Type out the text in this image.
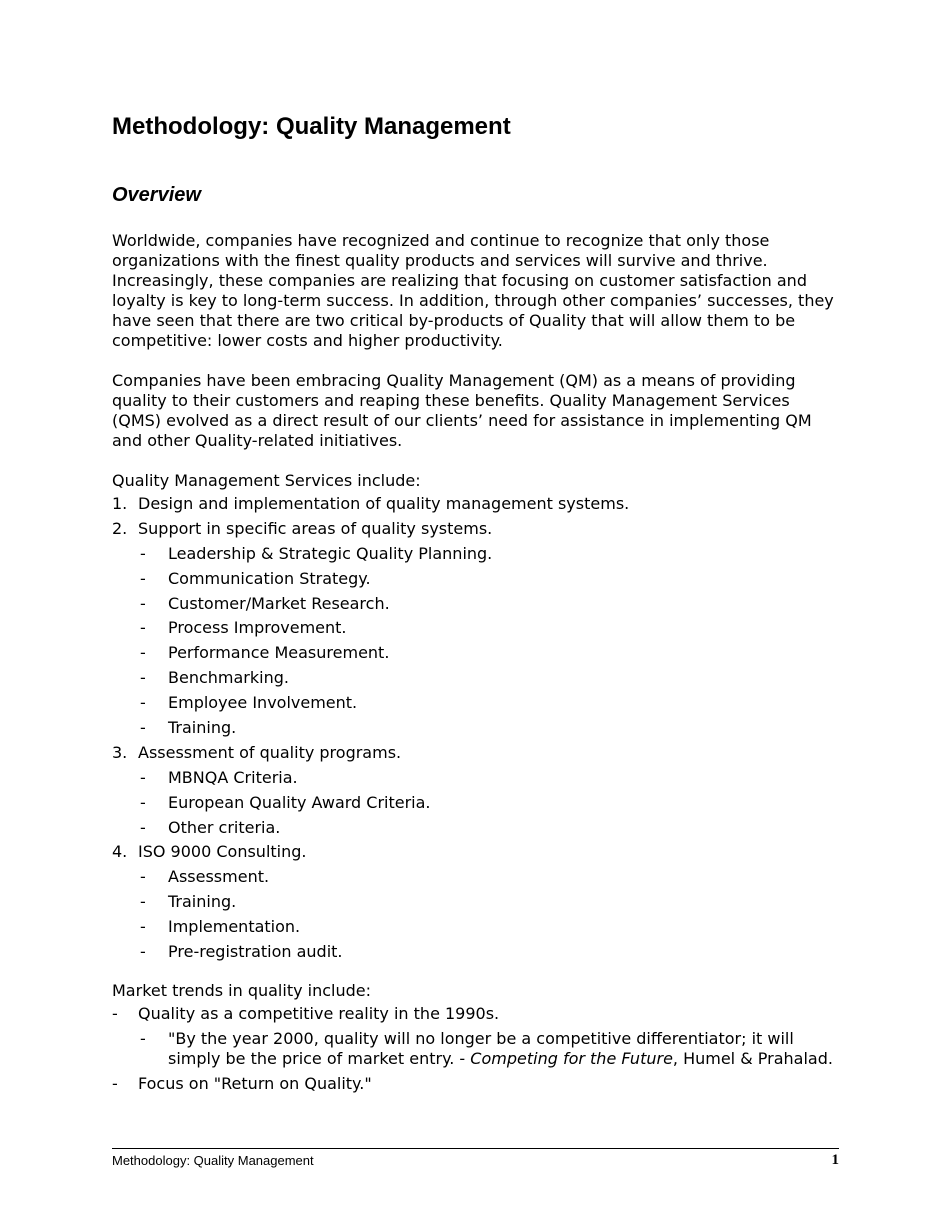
Methodology: Quality Management
Overview

Worldwide, companies have recognized and continue to recognize that only those organizations with the finest quality products and services will survive and thrive. Increasingly, these companies are realizing that focusing on customer satisfaction and loyalty is key to long-term success. In addition, through other companies’ successes, they have seen that there are two critical by-products of Quality that will allow them to be competitive: lower costs and higher productivity.

Companies have been embracing Quality Management (QM) as a means of providing quality to their customers and reaping these benefits. Quality Management Services (QMS) evolved as a direct result of our clients’ need for assistance in implementing QM and other Quality-related initiatives.

Quality Management Services include:

1. Design and implementation of quality management systems.
2. Support in specific areas of quality systems.
-	Leadership & Strategic Quality Planning.
-	Communication Strategy.
-	Customer/Market Research.
-	Process Improvement.
-	Performance Measurement.
-	Benchmarking.
-	Employee Involvement.
-	Training.
3. Assessment of quality programs.
-	MBNQA Criteria.
-	European Quality Award Criteria.
-	Other criteria.
4. ISO 9000 Consulting.
-	Assessment.
-	Training.
-	Implementation.
-	Pre-registration audit.

Market trends in quality include:

-	Quality as a competitive reality in the 1990s.
-	"By the year 2000, quality will no longer be a competitive differentiator; it will simply be the price of market entry. - Competing for the Future, Humel & Prahalad.
-	Focus on "Return on Quality."
Methodology: Quality Management	1
